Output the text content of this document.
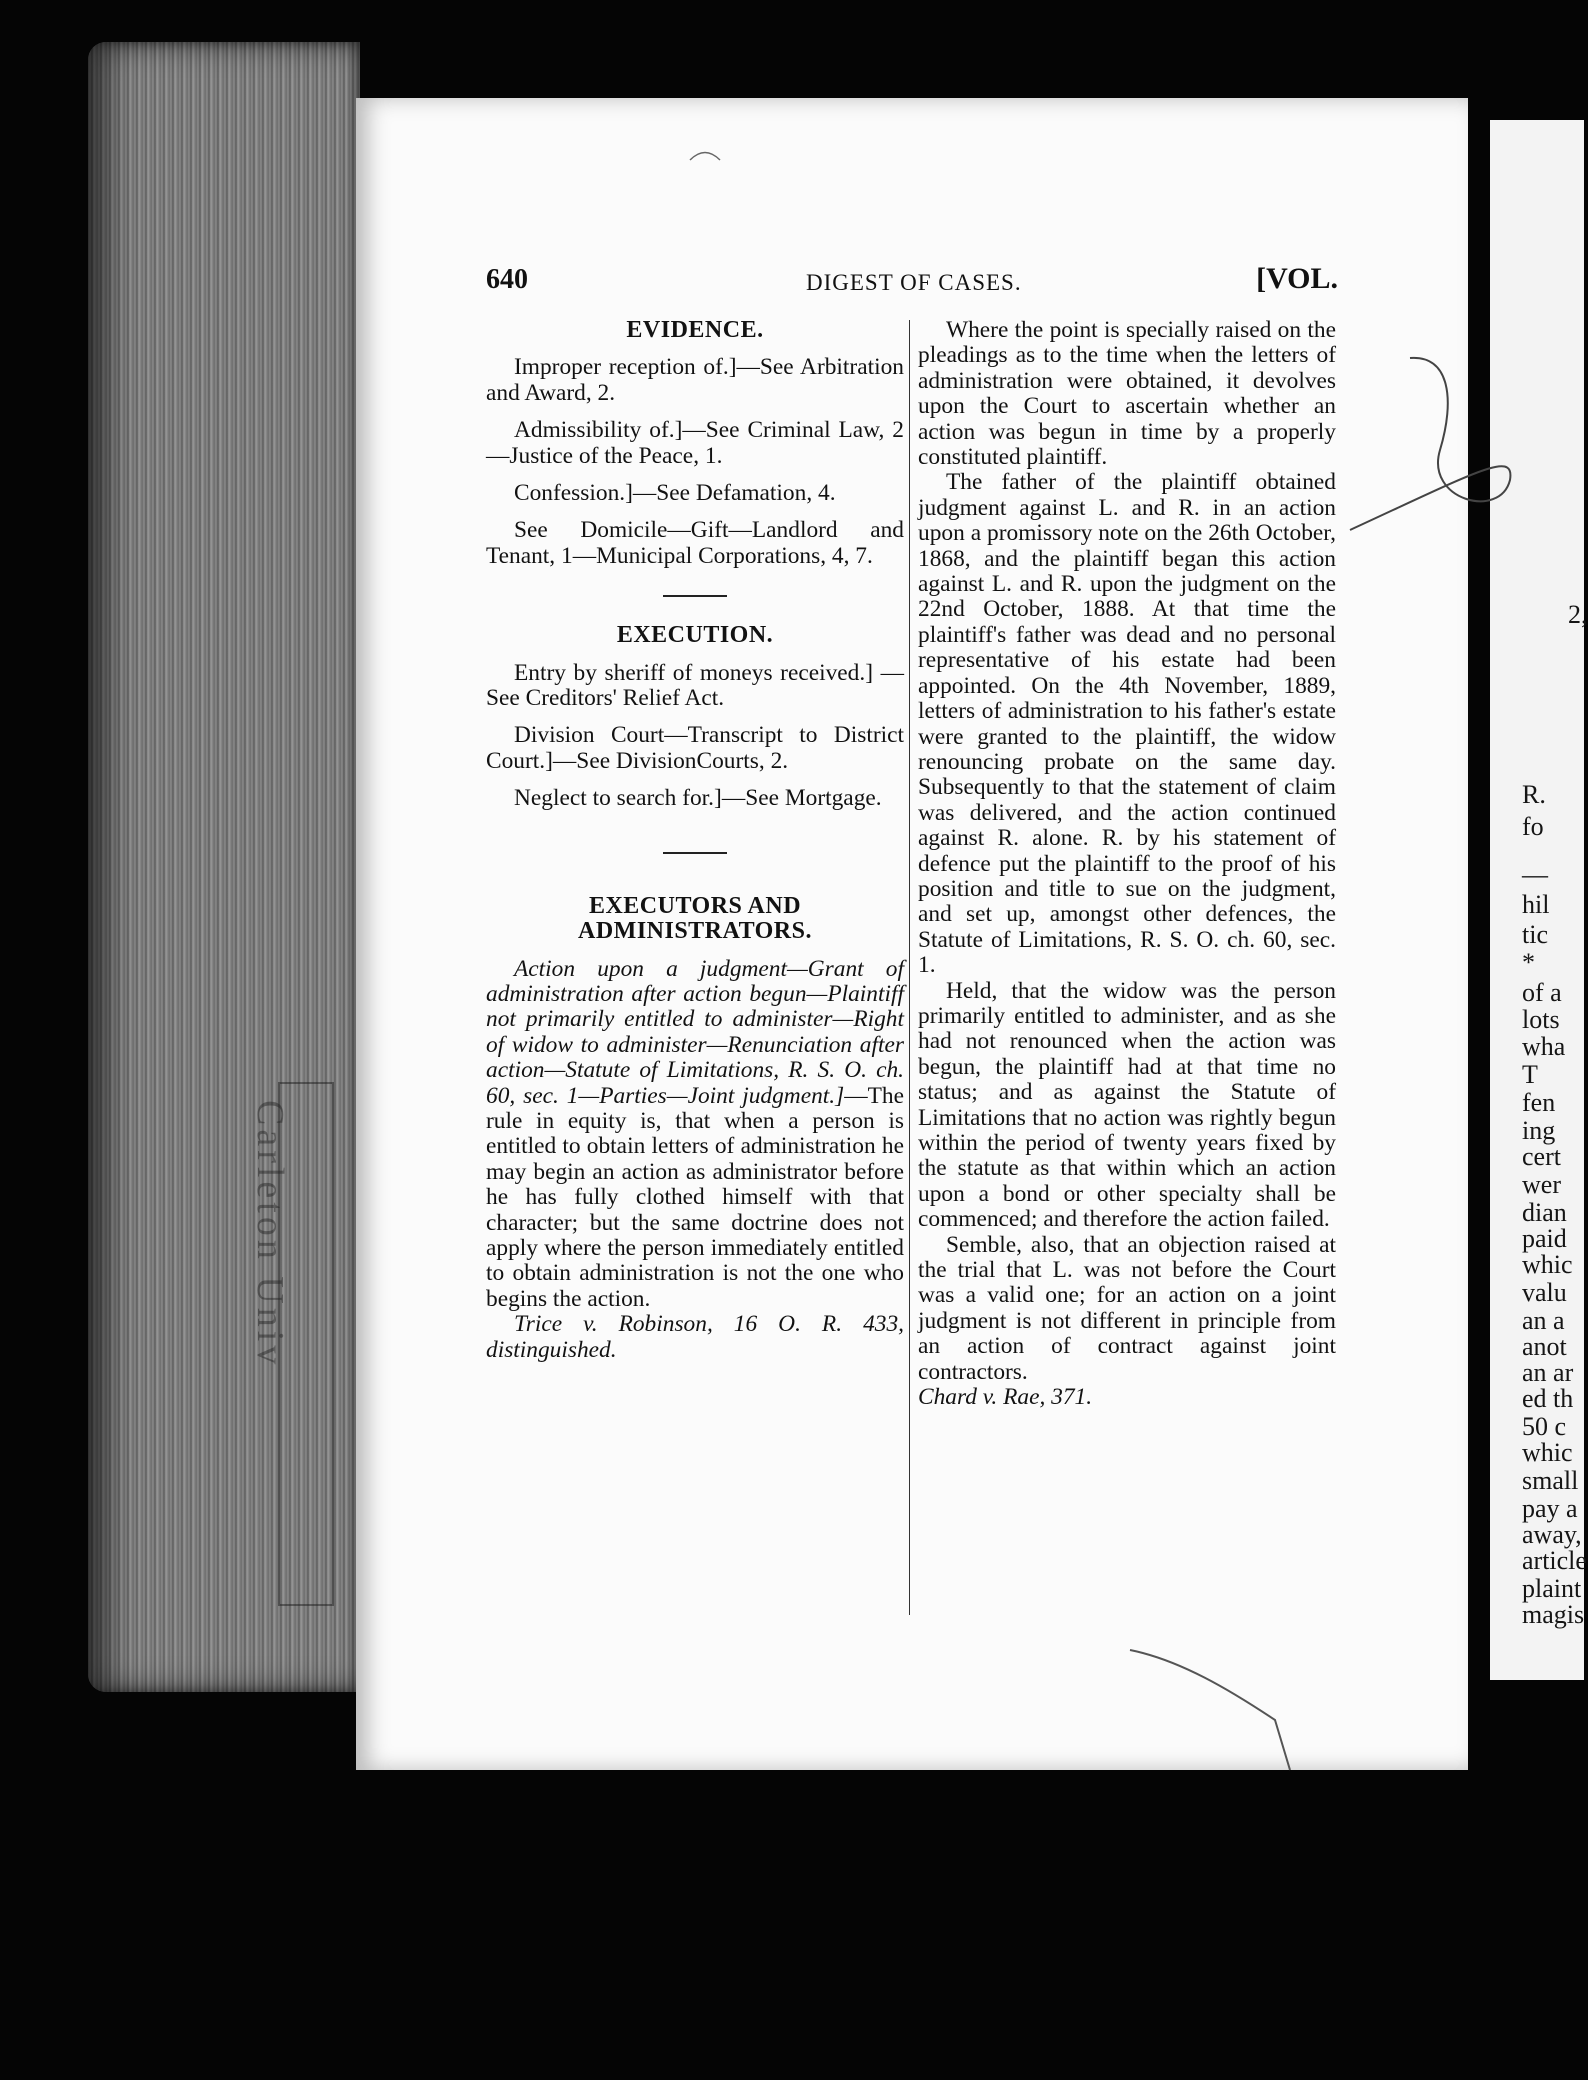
Carleton Univ
2,
R.
fo
—
hil
tic
*
of a
lots
wha
T
fen
ing
cert
wer
dian
paid
whic
valu
an a
anot
an ar
ed th
50 c
whic
small
pay a
away,
article
plaint
magis
640	DIGEST OF CASES.	[VOL.

EVIDENCE.

Improper reception of.]—See Arbitration and Award, 2.

Admissibility of.]—See Criminal Law, 2—Justice of the Peace, 1.

Confession.]—See Defamation, 4.

See Domicile—Gift—Landlord and Tenant, 1—Municipal Corporations, 4, 7.

EXECUTION.

Entry by sheriff of moneys received.] — See Creditors' Relief Act.

Division Court—Transcript to District Court.]—See DivisionCourts, 2.

Neglect to search for.]—See Mortgage.

EXECUTORS AND ADMINISTRATORS.

Action upon a judgment—Grant of administration after action begun—Plaintiff not primarily entitled to administer—Right of widow to administer—Renunciation after action—Statute of Limitations, R. S. O. ch. 60, sec. 1—Parties—Joint judgment.]—The rule in equity is, that when a person is entitled to obtain letters of administration he may begin an action as administrator before he has fully clothed himself with that character; but the same doctrine does not apply where the person immediately entitled to obtain administration is not the one who begins the action.

Trice v. Robinson, 16 O. R. 433, distinguished.

Where the point is specially raised on the pleadings as to the time when the letters of administration were obtained, it devolves upon the Court to ascertain whether an action was begun in time by a properly constituted plaintiff.

The father of the plaintiff obtained judgment against L. and R. in an action upon a promissory note on the 26th October, 1868, and the plaintiff began this action against L. and R. upon the judgment on the 22nd October, 1888. At that time the plaintiff's father was dead and no personal representative of his estate had been appointed. On the 4th November, 1889, letters of administration to his father's estate were granted to the plaintiff, the widow renouncing probate on the same day. Subsequently to that the statement of claim was delivered, and the action continued against R. alone. R. by his statement of defence put the plaintiff to the proof of his position and title to sue on the judgment, and set up, amongst other defences, the Statute of Limitations, R. S. O. ch. 60, sec. 1.

Held, that the widow was the person primarily entitled to administer, and as she had not renounced when the action was begun, the plaintiff had at that time no status; and as against the Statute of Limitations that no action was rightly begun within the period of twenty years fixed by the statute as that within which an action upon a bond or other specialty shall be commenced; and therefore the action failed.

Semble, also, that an objection raised at the trial that L. was not before the Court was a valid one; for an action on a joint judgment is not different in principle from an action of contract against joint contractors.

Chard v. Rae, 371.
